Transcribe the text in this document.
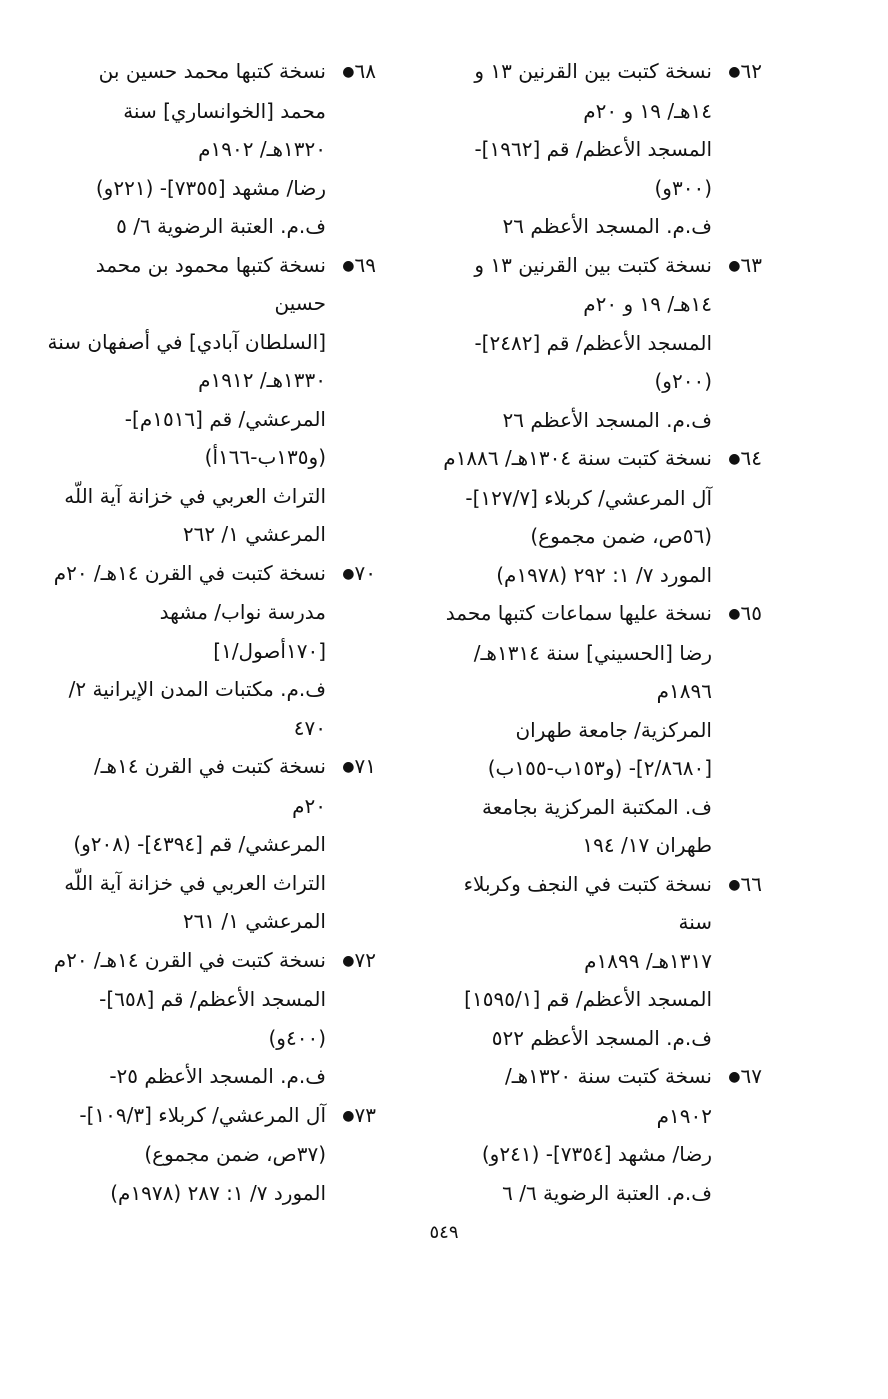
٦٢●
نسخة كتبت بين القرنين ١٣ و
١٤هـ/ ١٩ و ٢٠م
المسجد الأعظم/ قم [١٩٦٢]-
(٣٠٠و)
ف.م. المسجد الأعظم ٢٦
٦٣●
نسخة كتبت بين القرنين ١٣ و
١٤هـ/ ١٩ و ٢٠م
المسجد الأعظم/ قم [٢٤٨٢]-
(٢٠٠و)
ف.م. المسجد الأعظم ٢٦
٦٤●
نسخة كتبت سنة ١٣٠٤هـ/ ١٨٨٦م
آل المرعشي/ كربلاء [١٢٧/٧]-
(٥٦ص، ضمن مجموع)
المورد ٧/ ١: ٢٩٢ (١٩٧٨م)
٦٥●
نسخة عليها سماعات كتبها محمد
رضا [الحسيني] سنة ١٣١٤هـ/
١٨٩٦م
المركزية/ جامعة طهران
[٢/٨٦٨٠]- (و١٥٣ب-١٥٥ب)
ف. المكتبة المركزية بجامعة
طهران ١٧/ ١٩٤
٦٦●
نسخة كتبت في النجف وكربلاء سنة
١٣١٧هـ/ ١٨٩٩م
المسجد الأعظم/ قم [١٥٩٥/١]
ف.م. المسجد الأعظم ٥٢٢
٦٧●
نسخة كتبت سنة ١٣٢٠هـ/
١٩٠٢م
رضا/ مشهد [٧٣٥٤]- (٢٤١و)
ف.م. العتبة الرضوية ٦/ ٦
٦٨●
نسخة كتبها محمد حسين بن
محمد [الخوانساري] سنة
١٣٢٠هـ/ ١٩٠٢م
رضا/ مشهد [٧٣٥٥]- (٢٢١و)
ف.م. العتبة الرضوية ٦/ ٥
٦٩●
نسخة كتبها محمود بن محمد حسين
[السلطان آبادي] في أصفهان سنة
١٣٣٠هـ/ ١٩١٢م
المرعشي/ قم [١٥١٦م]-
(و١٣٥ب-١٦٦أ)
التراث العربي في خزانة آية اللّه
المرعشي ١/ ٢٦٢
٧٠●
نسخة كتبت في القرن ١٤هـ/ ٢٠م
مدرسة نواب/ مشهد
[١٧٠أصول/١]
ف.م. مكتبات المدن الإيرانية ٢/
٤٧٠
٧١●
نسخة كتبت في القرن ١٤هـ/
٢٠م
المرعشي/ قم [٤٣٩٤]- (٢٠٨و)
التراث العربي في خزانة آية اللّه
المرعشي ١/ ٢٦١
٧٢●
نسخة كتبت في القرن ١٤هـ/ ٢٠م
المسجد الأعظم/ قم [٦٥٨]-
(٤٠٠و)
ف.م. المسجد الأعظم ٢٥-
٧٣●
آل المرعشي/ كربلاء [١٠٩/٣]-
(٣٧ص، ضمن مجموع)
المورد ٧/ ١: ٢٨٧ (١٩٧٨م)
٥٤٩
